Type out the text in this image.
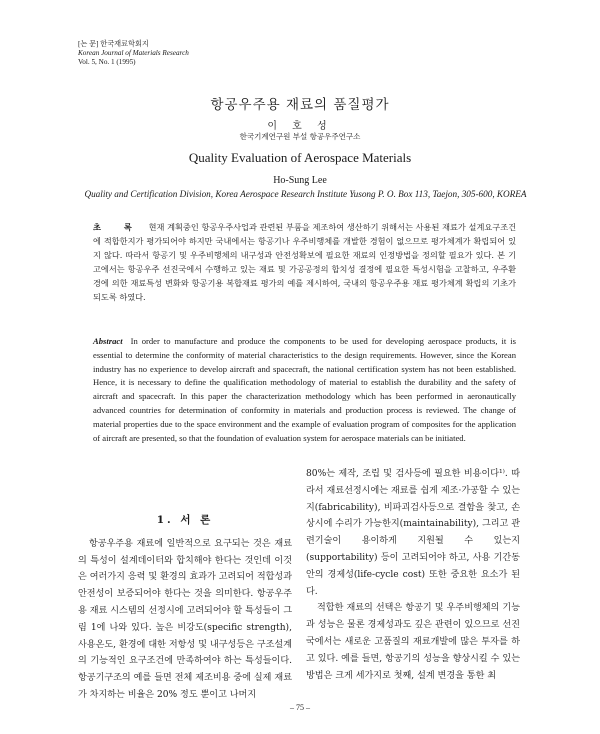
[논 문] 한국재료학회지
Korean Journal of Materials Research
Vol. 5, No. 1 (1995)
항공우주용 재료의 품질평가
이 호 성
한국기계연구원 부설 항공우주연구소
Quality Evaluation of Aerospace Materials
Ho-Sung Lee
Quality and Certification Division, Korea Aerospace Research Institute Yusong P. O. Box 113, Taejon, 305-600, KOREA
초 록 현재 계획중인 항공우주사업과 관련된 부품을 제조하여 생산하기 위해서는 사용된 재료가 설계요구조건에 적합한지가 평가되어야 하지만 국내에서는 항공기나 우주비행체를 개발한 경험이 없으므로 평가체계가 확립되어 있지 않다. 따라서 항공기 및 우주비행체의 내구성과 안전성확보에 필요한 재료의 인정방법을 정의할 필요가 있다. 본 기고에서는 항공우주 선진국에서 수행하고 있는 재료 및 가공공정의 합치성 결정에 필요한 특성시험을 고찰하고, 우주환경에 의한 재료특성 변화와 항공기용 복합재료 평가의 예를 제시하여, 국내의 항공우주용 재료 평가체계 확립의 기초가 되도록 하였다.
Abstract In order to manufacture and produce the components to be used for developing aerospace products, it is essential to determine the conformity of material characteristics to the design requirements. However, since the Korean industry has no experience to develop aircraft and spacecraft, the national certification system has not been established. Hence, it is necessary to define the qualification methodology of material to establish the durability and the safety of aircraft and spacecraft. In this paper the characterization methodology which has been performed in aeronautically advanced countries for determination of conformity in materials and production process is reviewed. The change of material properties due to the space environment and the example of evaluation program of composites for the application of aircraft are presented, so that the foundation of evaluation system for aerospace materials can be initiated.
1. 서 론

항공우주용 재료에 일반적으로 요구되는 것은 재료의 특성이 설계데이터와 합치해야 한다는 것인데 이것은 여러가지 응력 및 환경의 효과가 고려되어 적합성과 안전성이 보증되어야 한다는 것을 의미한다. 항공우주용 재료 시스템의 선정시에 고려되어야 할 특성들이 그림 1에 나와 있다. 높은 비강도(specific strength), 사용온도, 환경에 대한 저항성 및 내구성등은 구조설계의 기능적인 요구조건에 만족하여야 하는 특성들이다. 항공기구조의 예를 들면 전체 제조비용 중에 실제 재료가 차지하는 비율은 20% 정도 뿐이고 나머지

80%는 제작, 조립 및 검사등에 필요한 비용이다¹⁾. 따라서 재료선정시에는 재료를 쉽게 제조·가공할 수 있는지(fabricability), 비파괴검사등으로 결함을 찾고, 손상시에 수리가 가능한지(maintainability), 그리고 관련기술이 용이하게 지원될 수 있는지(supportability) 등이 고려되어야 하고, 사용 기간동안의 경제성(life-cycle cost) 또한 중요한 요소가 된다.

적합한 재료의 선택은 항공기 및 우주비행체의 기능과 성능은 물론 경제성과도 깊은 관련이 있으므로 선진국에서는 새로운 고품질의 재료개발에 많은 투자를 하고 있다. 예를 들면, 항공기의 성능을 향상시킬 수 있는 방법은 크게 세가지로 첫째, 설계 변경을 통한 최

– 75 –
